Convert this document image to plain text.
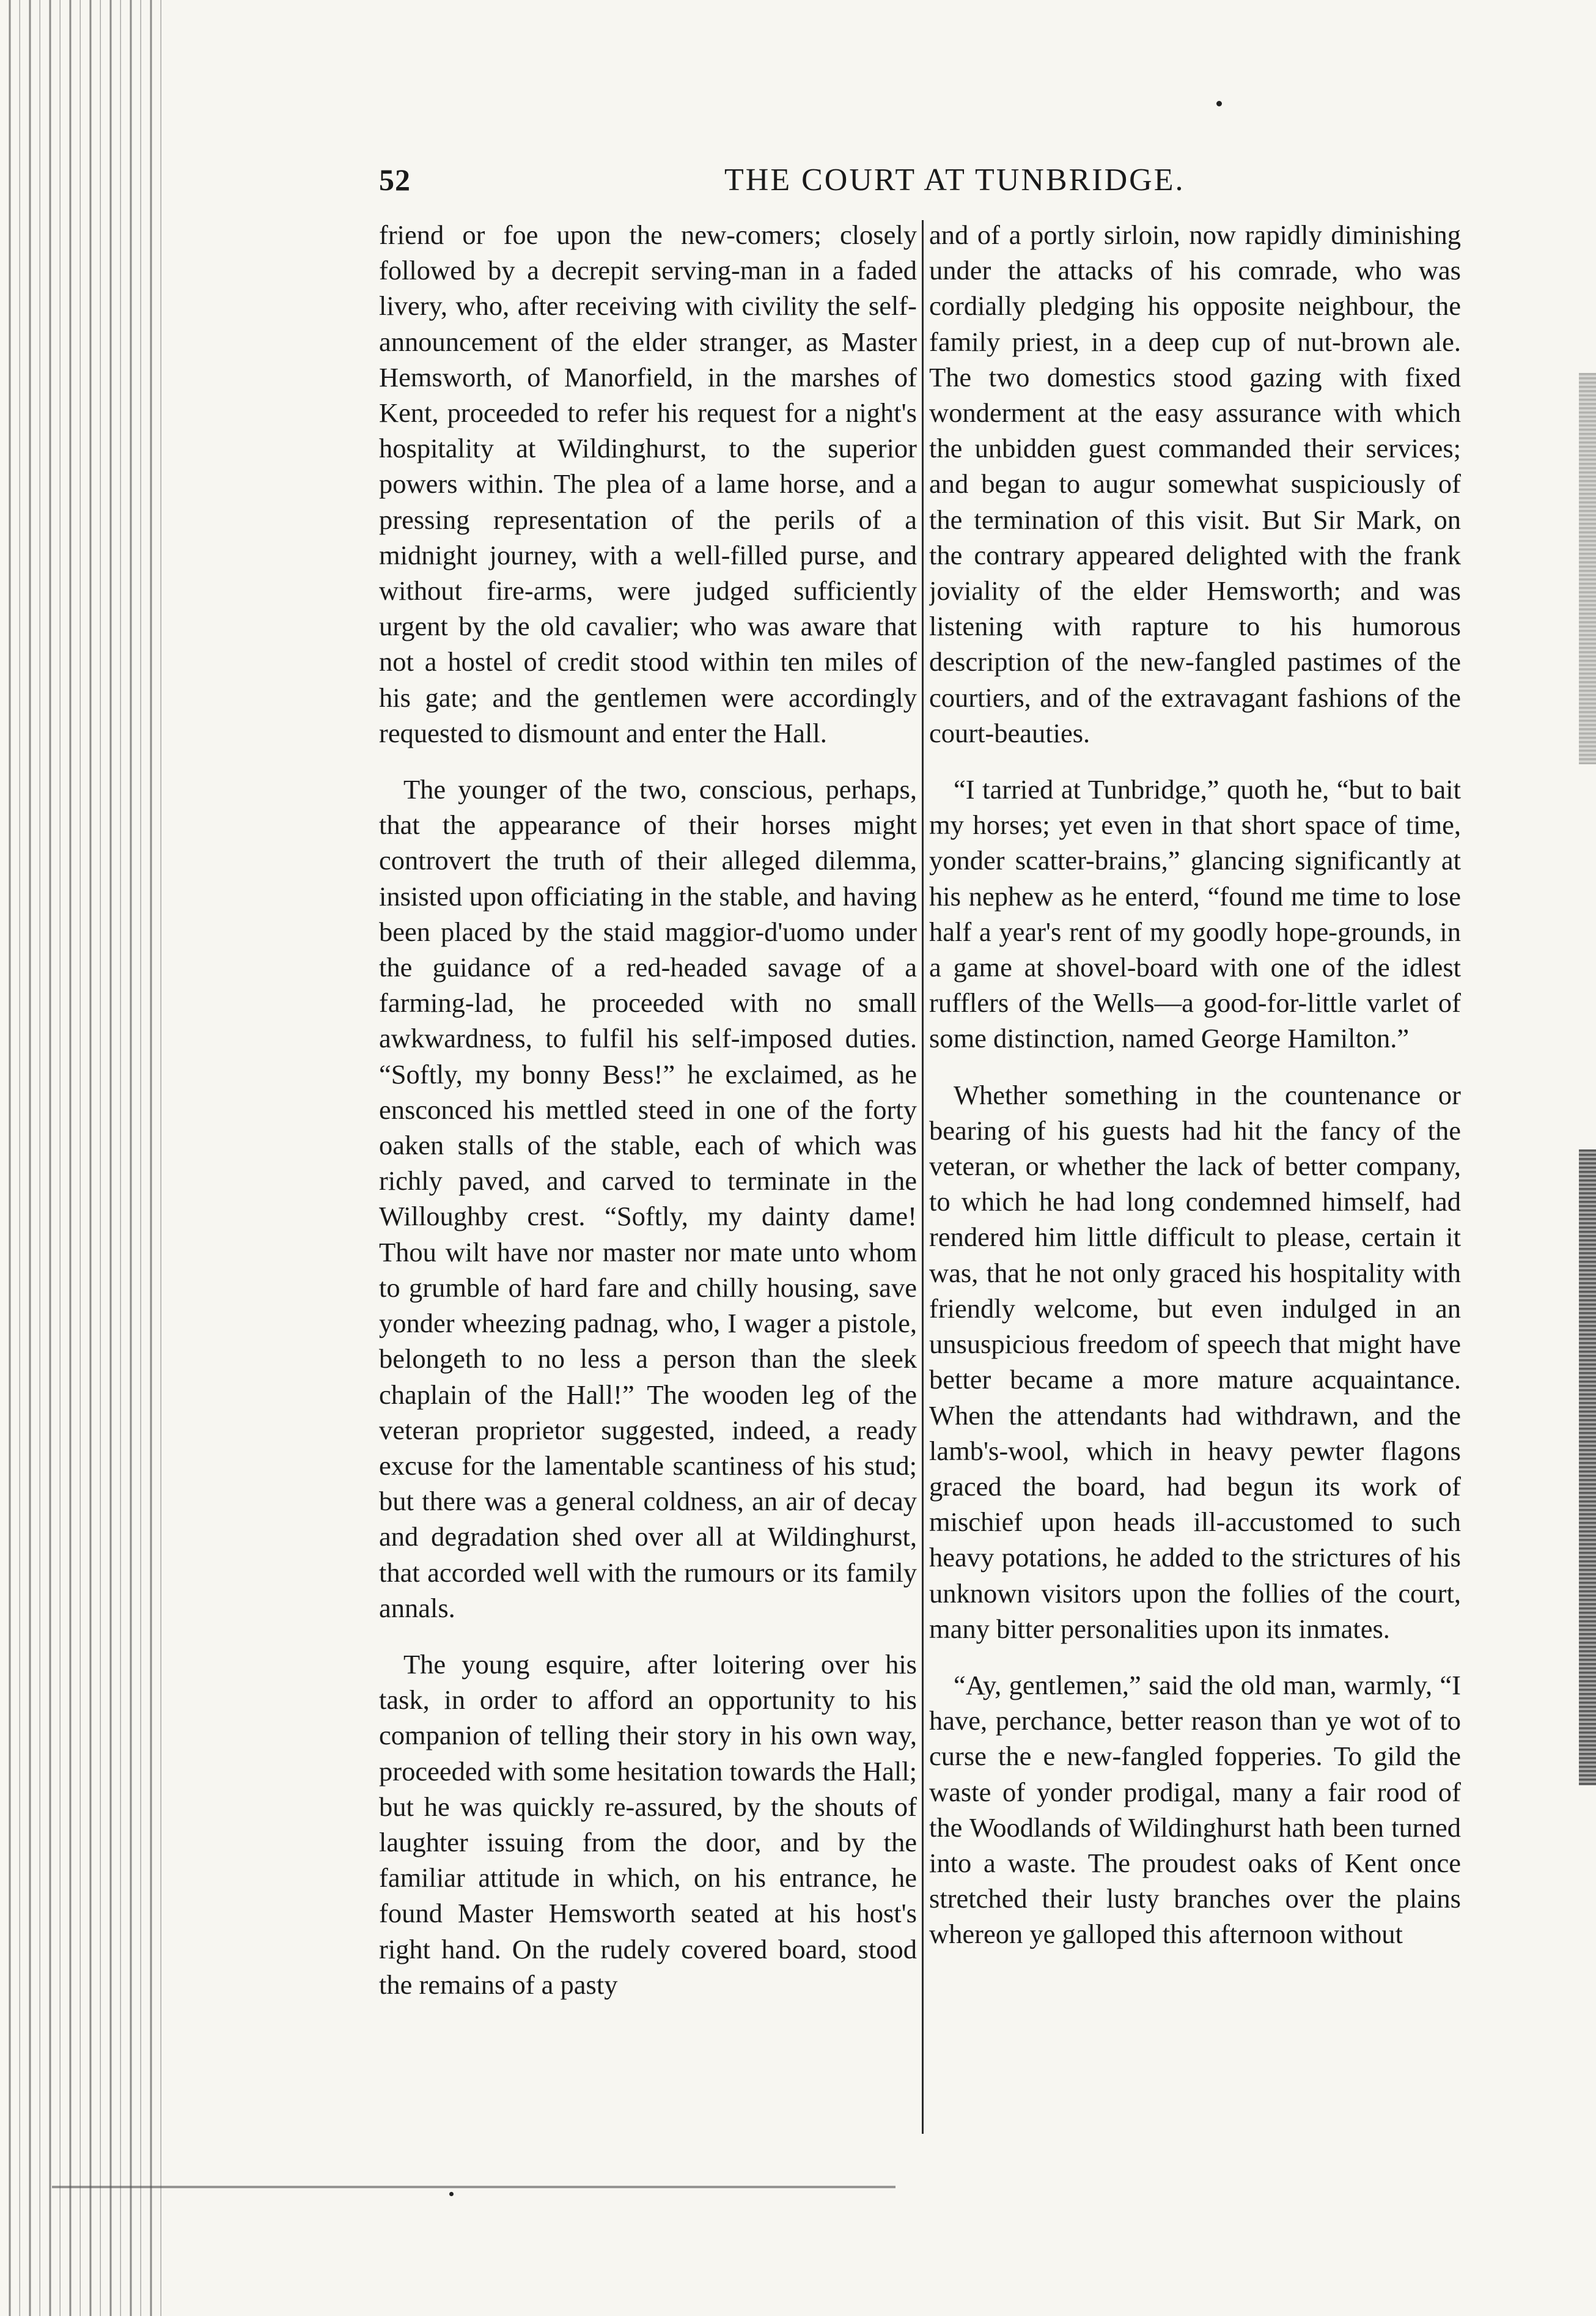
52	THE COURT AT TUNBRIDGE.

friend or foe upon the new-comers; closely followed by a decrepit serving-man in a faded livery, who, after receiving with civility the self-announcement of the elder stranger, as Master Hemsworth, of Manorfield, in the marshes of Kent, proceeded to refer his request for a night's hospitality at Wildinghurst, to the superior powers within. The plea of a lame horse, and a pressing representation of the perils of a midnight journey, with a well-filled purse, and without fire-arms, were judged sufficiently urgent by the old cavalier; who was aware that not a hostel of credit stood within ten miles of his gate; and the gentlemen were accordingly requested to dismount and enter the Hall.

The younger of the two, conscious, perhaps, that the appearance of their horses might controvert the truth of their alleged dilemma, insisted upon officiating in the stable, and having been placed by the staid maggior-d'uomo under the guidance of a red-headed savage of a farming-lad, he proceeded with no small awkwardness, to fulfil his self-imposed duties. “Softly, my bonny Bess!” he exclaimed, as he ensconced his mettled steed in one of the forty oaken stalls of the stable, each of which was richly paved, and carved to terminate in the Willoughby crest. “Softly, my dainty dame! Thou wilt have nor master nor mate unto whom to grumble of hard fare and chilly housing, save yonder wheezing padnag, who, I wager a pistole, belongeth to no less a person than the sleek chaplain of the Hall!” The wooden leg of the veteran proprietor suggested, indeed, a ready excuse for the lamentable scantiness of his stud; but there was a general coldness, an air of decay and degradation shed over all at Wildinghurst, that accorded well with the rumours or its family annals.

The young esquire, after loitering over his task, in order to afford an opportunity to his companion of telling their story in his own way, proceeded with some hesitation towards the Hall; but he was quickly re-assured, by the shouts of laughter issuing from the door, and by the familiar attitude in which, on his entrance, he found Master Hemsworth seated at his host's right hand. On the rudely covered board, stood the remains of a pasty

and of a portly sirloin, now rapidly diminishing under the attacks of his comrade, who was cordially pledging his opposite neighbour, the family priest, in a deep cup of nut-brown ale. The two domestics stood gazing with fixed wonderment at the easy assurance with which the unbidden guest commanded their services; and began to augur somewhat suspiciously of the termination of this visit. But Sir Mark, on the contrary appeared delighted with the frank joviality of the elder Hemsworth; and was listening with rapture to his humorous description of the new-fangled pastimes of the courtiers, and of the extravagant fashions of the court-beauties.

“I tarried at Tunbridge,” quoth he, “but to bait my horses; yet even in that short space of time, yonder scatter-brains,” glancing significantly at his nephew as he enterd, “found me time to lose half a year's rent of my goodly hope-grounds, in a game at shovel-board with one of the idlest rufflers of the Wells—a good-for-little varlet of some distinction, named George Hamilton.”

Whether something in the countenance or bearing of his guests had hit the fancy of the veteran, or whether the lack of better company, to which he had long condemned himself, had rendered him little difficult to please, certain it was, that he not only graced his hospitality with friendly welcome, but even indulged in an unsuspicious freedom of speech that might have better became a more mature acquaintance. When the attendants had withdrawn, and the lamb's-wool, which in heavy pewter flagons graced the board, had begun its work of mischief upon heads ill-accustomed to such heavy potations, he added to the strictures of his unknown visitors upon the follies of the court, many bitter personalities upon its inmates.

“Ay, gentlemen,” said the old man, warmly, “I have, perchance, better reason than ye wot of to curse the e new-fangled fopperies. To gild the waste of yonder prodigal, many a fair rood of the Woodlands of Wildinghurst hath been turned into a waste. The proudest oaks of Kent once stretched their lusty branches over the plains whereon ye galloped this afternoon without
